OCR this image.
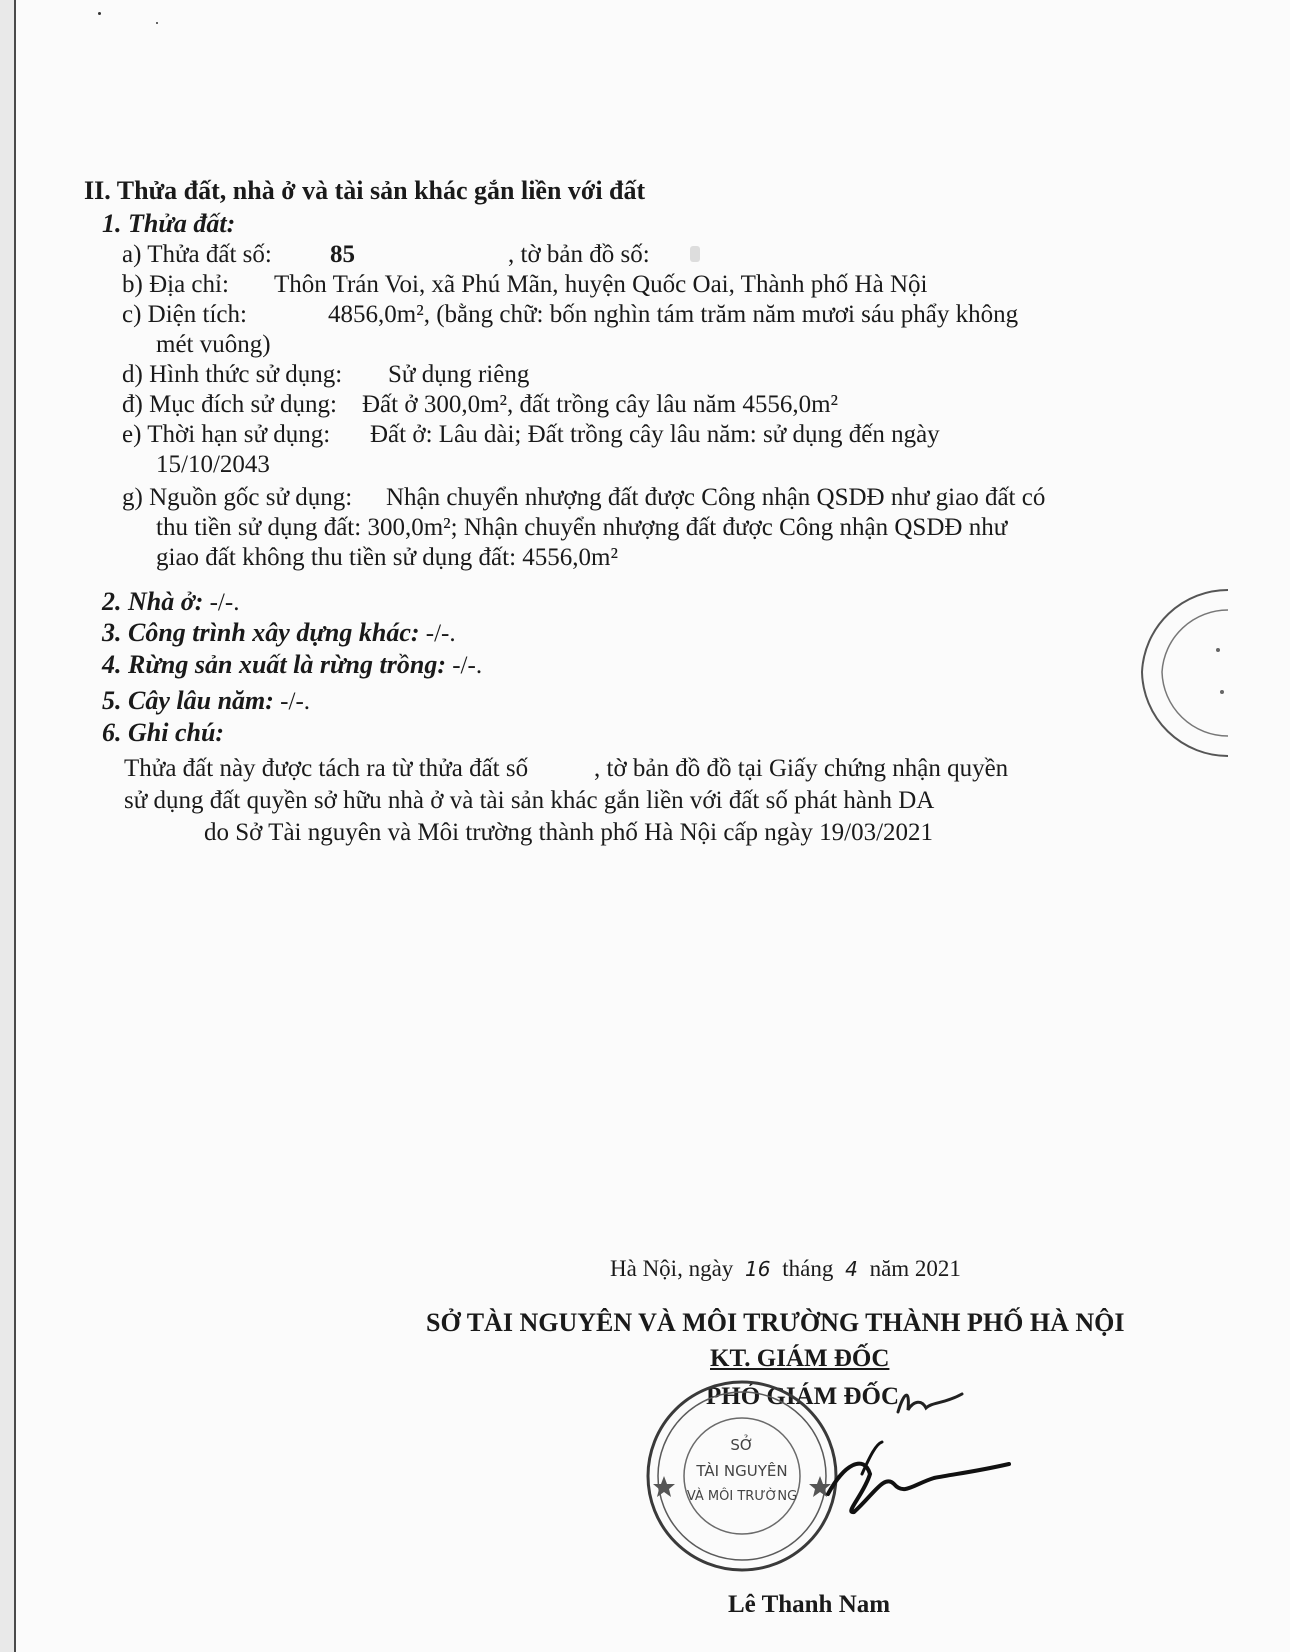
II. Thửa đất, nhà ở và tài sản khác gắn liền với đất
1. Thửa đất:
a) Thửa đất số: 85	, tờ bản đồ số:
b) Địa chỉ: Thôn Trán Voi, xã Phú Mãn, huyện Quốc Oai, Thành phố Hà Nội
c) Diện tích:	4856,0m², (bằng chữ: bốn nghìn tám trăm năm mươi sáu phẩy không
mét vuông)
d) Hình thức sử dụng: Sử dụng riêng
đ) Mục đích sử dụng: Đất ở 300,0m², đất trồng cây lâu năm 4556,0m²
e) Thời hạn sử dụng: Đất ở: Lâu dài; Đất trồng cây lâu năm: sử dụng đến ngày
15/10/2043
g) Nguồn gốc sử dụng: Nhận chuyển nhượng đất được Công nhận QSDĐ như giao đất có
thu tiền sử dụng đất: 300,0m²; Nhận chuyển nhượng đất được Công nhận QSDĐ như
giao đất không thu tiền sử dụng đất: 4556,0m²
2. Nhà ở: -/-.
3. Công trình xây dựng khác: -/-.
4. Rừng sản xuất là rừng trồng: -/-.
5. Cây lâu năm: -/-.
6. Ghi chú:
Thửa đất này được tách ra từ thửa đất số	, tờ bản đồ đồ tại Giấy chứng nhận quyền
sử dụng đất quyền sở hữu nhà ở và tài sản khác gắn liền với đất số phát hành DA
do Sở Tài nguyên và Môi trường thành phố Hà Nội cấp ngày 19/03/2021
Hà Nội, ngày 16 tháng 4 năm 2021
SỞ TÀI NGUYÊN VÀ MÔI TRƯỜNG THÀNH PHỐ HÀ NỘI
KT. GIÁM ĐỐC
PHÓ GIÁM ĐỐC
SỞ
TÀI NGUYÊN
VÀ MÔI TRƯỜNG
Lê Thanh Nam
